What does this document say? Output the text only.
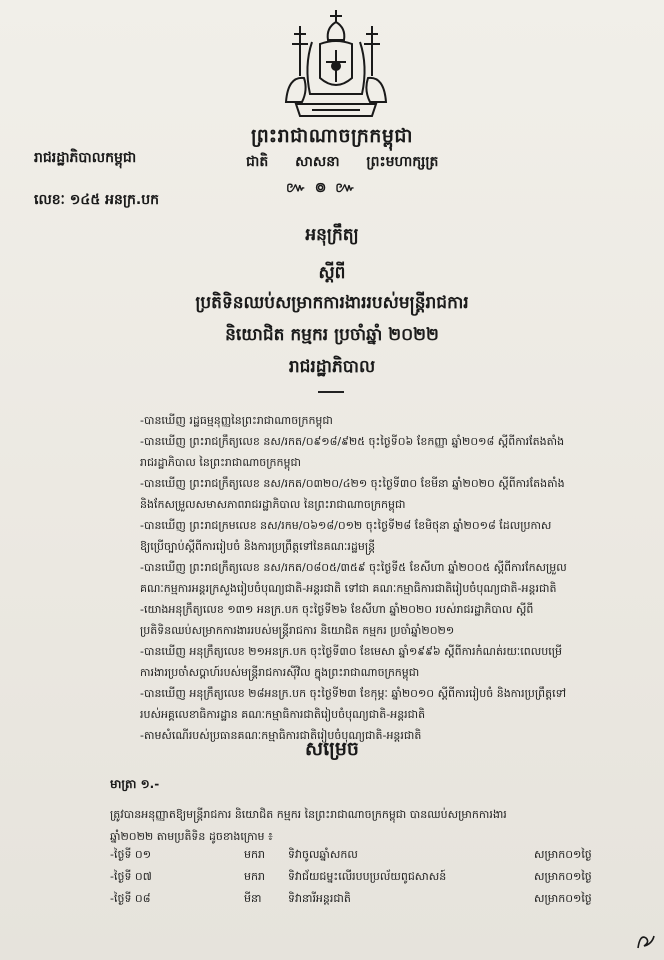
ព្រះរាជាណាចក្រកម្ពុជា
រាជរដ្ឋាភិបាលកម្ពុជា	ជាតិ សាសនា ព្រះមហាក្សត្រ
លេខៈ ១៤៥ អនក្រ.បក
៚ ៙ ៚
អនុក្រឹត្យ
ស្តីពី
ប្រតិទិនឈប់សម្រាកការងាររបស់មន្ត្រីរាជការ
និយោជិត កម្មករ ប្រចាំឆ្នាំ ២០២២
រាជរដ្ឋាភិបាល
-បានឃើញ រដ្ឋធម្មនុញ្ញនៃព្រះរាជាណាចក្រកម្ពុជា
-បានឃើញ ព្រះរាជក្រឹត្យលេខ នស/រកត/០៩១៨/៩២៥ ចុះថ្ងៃទី០៦ ខែកញ្ញា ឆ្នាំ២០១៨ ស្តីពីការតែងតាំង
រាជរដ្ឋាភិបាល នៃព្រះរាជាណាចក្រកម្ពុជា
-បានឃើញ ព្រះរាជក្រឹត្យលេខ នស/រកត/០៣២០/៤២១ ចុះថ្ងៃទី៣០ ខែមីនា ឆ្នាំ២០២០ ស្តីពីការតែងតាំង
និងកែសម្រួលសមាសភាពរាជរដ្ឋាភិបាល នៃព្រះរាជាណាចក្រកម្ពុជា
-បានឃើញ ព្រះរាជក្រមលេខ នស/រកម/០៦១៨/០១២ ចុះថ្ងៃទី២៨ ខែមិថុនា ឆ្នាំ២០១៨ ដែលប្រកាស
ឱ្យប្រើច្បាប់ស្តីពីការរៀបចំ និងការប្រព្រឹត្តទៅនៃគណៈរដ្ឋមន្ត្រី
-បានឃើញ ព្រះរាជក្រឹត្យលេខ នស/រកត/០៨០៥/៣៥៩ ចុះថ្ងៃទី៥ ខែសីហា ឆ្នាំ២០០៥ ស្តីពីការកែសម្រួល
គណៈកម្មការអន្តរក្រសួងរៀបចំបុណ្យជាតិ-អន្តរជាតិ ទៅជា គណៈកម្មាធិការជាតិរៀបចំបុណ្យជាតិ-អន្តរជាតិ
-យោងអនុក្រឹត្យលេខ ១៣១ អនក្រ.បក ចុះថ្ងៃទី២៦ ខែសីហា ឆ្នាំ២០២០ របស់រាជរដ្ឋាភិបាល ស្តីពី
ប្រតិទិនឈប់សម្រាកការងាររបស់មន្ត្រីរាជការ និយោជិត កម្មករ ប្រចាំឆ្នាំ២០២១
-បានឃើញ អនុក្រឹត្យលេខ ២១អនក្រ.បក ចុះថ្ងៃទី៣០ ខែមេសា ឆ្នាំ១៩៩៦ ស្តីពីការកំណត់រយៈពេលបម្រើ
ការងារប្រចាំសប្តាហ៍របស់មន្ត្រីរាជការស៊ីវិល ក្នុងព្រះរាជាណាចក្រកម្ពុជា
-បានឃើញ អនុក្រឹត្យលេខ ២៨អនក្រ.បក ចុះថ្ងៃទី២៣ ខែកុម្ភៈ ឆ្នាំ២០១០ ស្តីពីការរៀបចំ និងការប្រព្រឹត្តទៅ
របស់អគ្គលេខាធិការដ្ឋាន គណៈកម្មាធិការជាតិរៀបចំបុណ្យជាតិ-អន្តរជាតិ
-តាមសំណើរបស់ប្រធានគណៈកម្មាធិការជាតិរៀបចំបុណ្យជាតិ-អន្តរជាតិ
សម្រេច
មាត្រា ១.-
ត្រូវបានអនុញ្ញាតឱ្យមន្ត្រីរាជការ និយោជិត កម្មករ នៃព្រះរាជាណាចក្រកម្ពុជា បានឈប់សម្រាកការងារ
ឆ្នាំ២០២២ តាមប្រតិទិន ដូចខាងក្រោម ៖
-ថ្ងៃទី ០១	មករា ទិវាចូលឆ្នាំសកល	សម្រាក០១ថ្ងៃ
-ថ្ងៃទី ០៧	មករា ទិវាជ័យជម្នះលើរបបប្រល័យពូជសាសន៍	សម្រាក០១ថ្ងៃ
-ថ្ងៃទី ០៨	មីនា ទិវានារីអន្តរជាតិ	សម្រាក០១ថ្ងៃ
